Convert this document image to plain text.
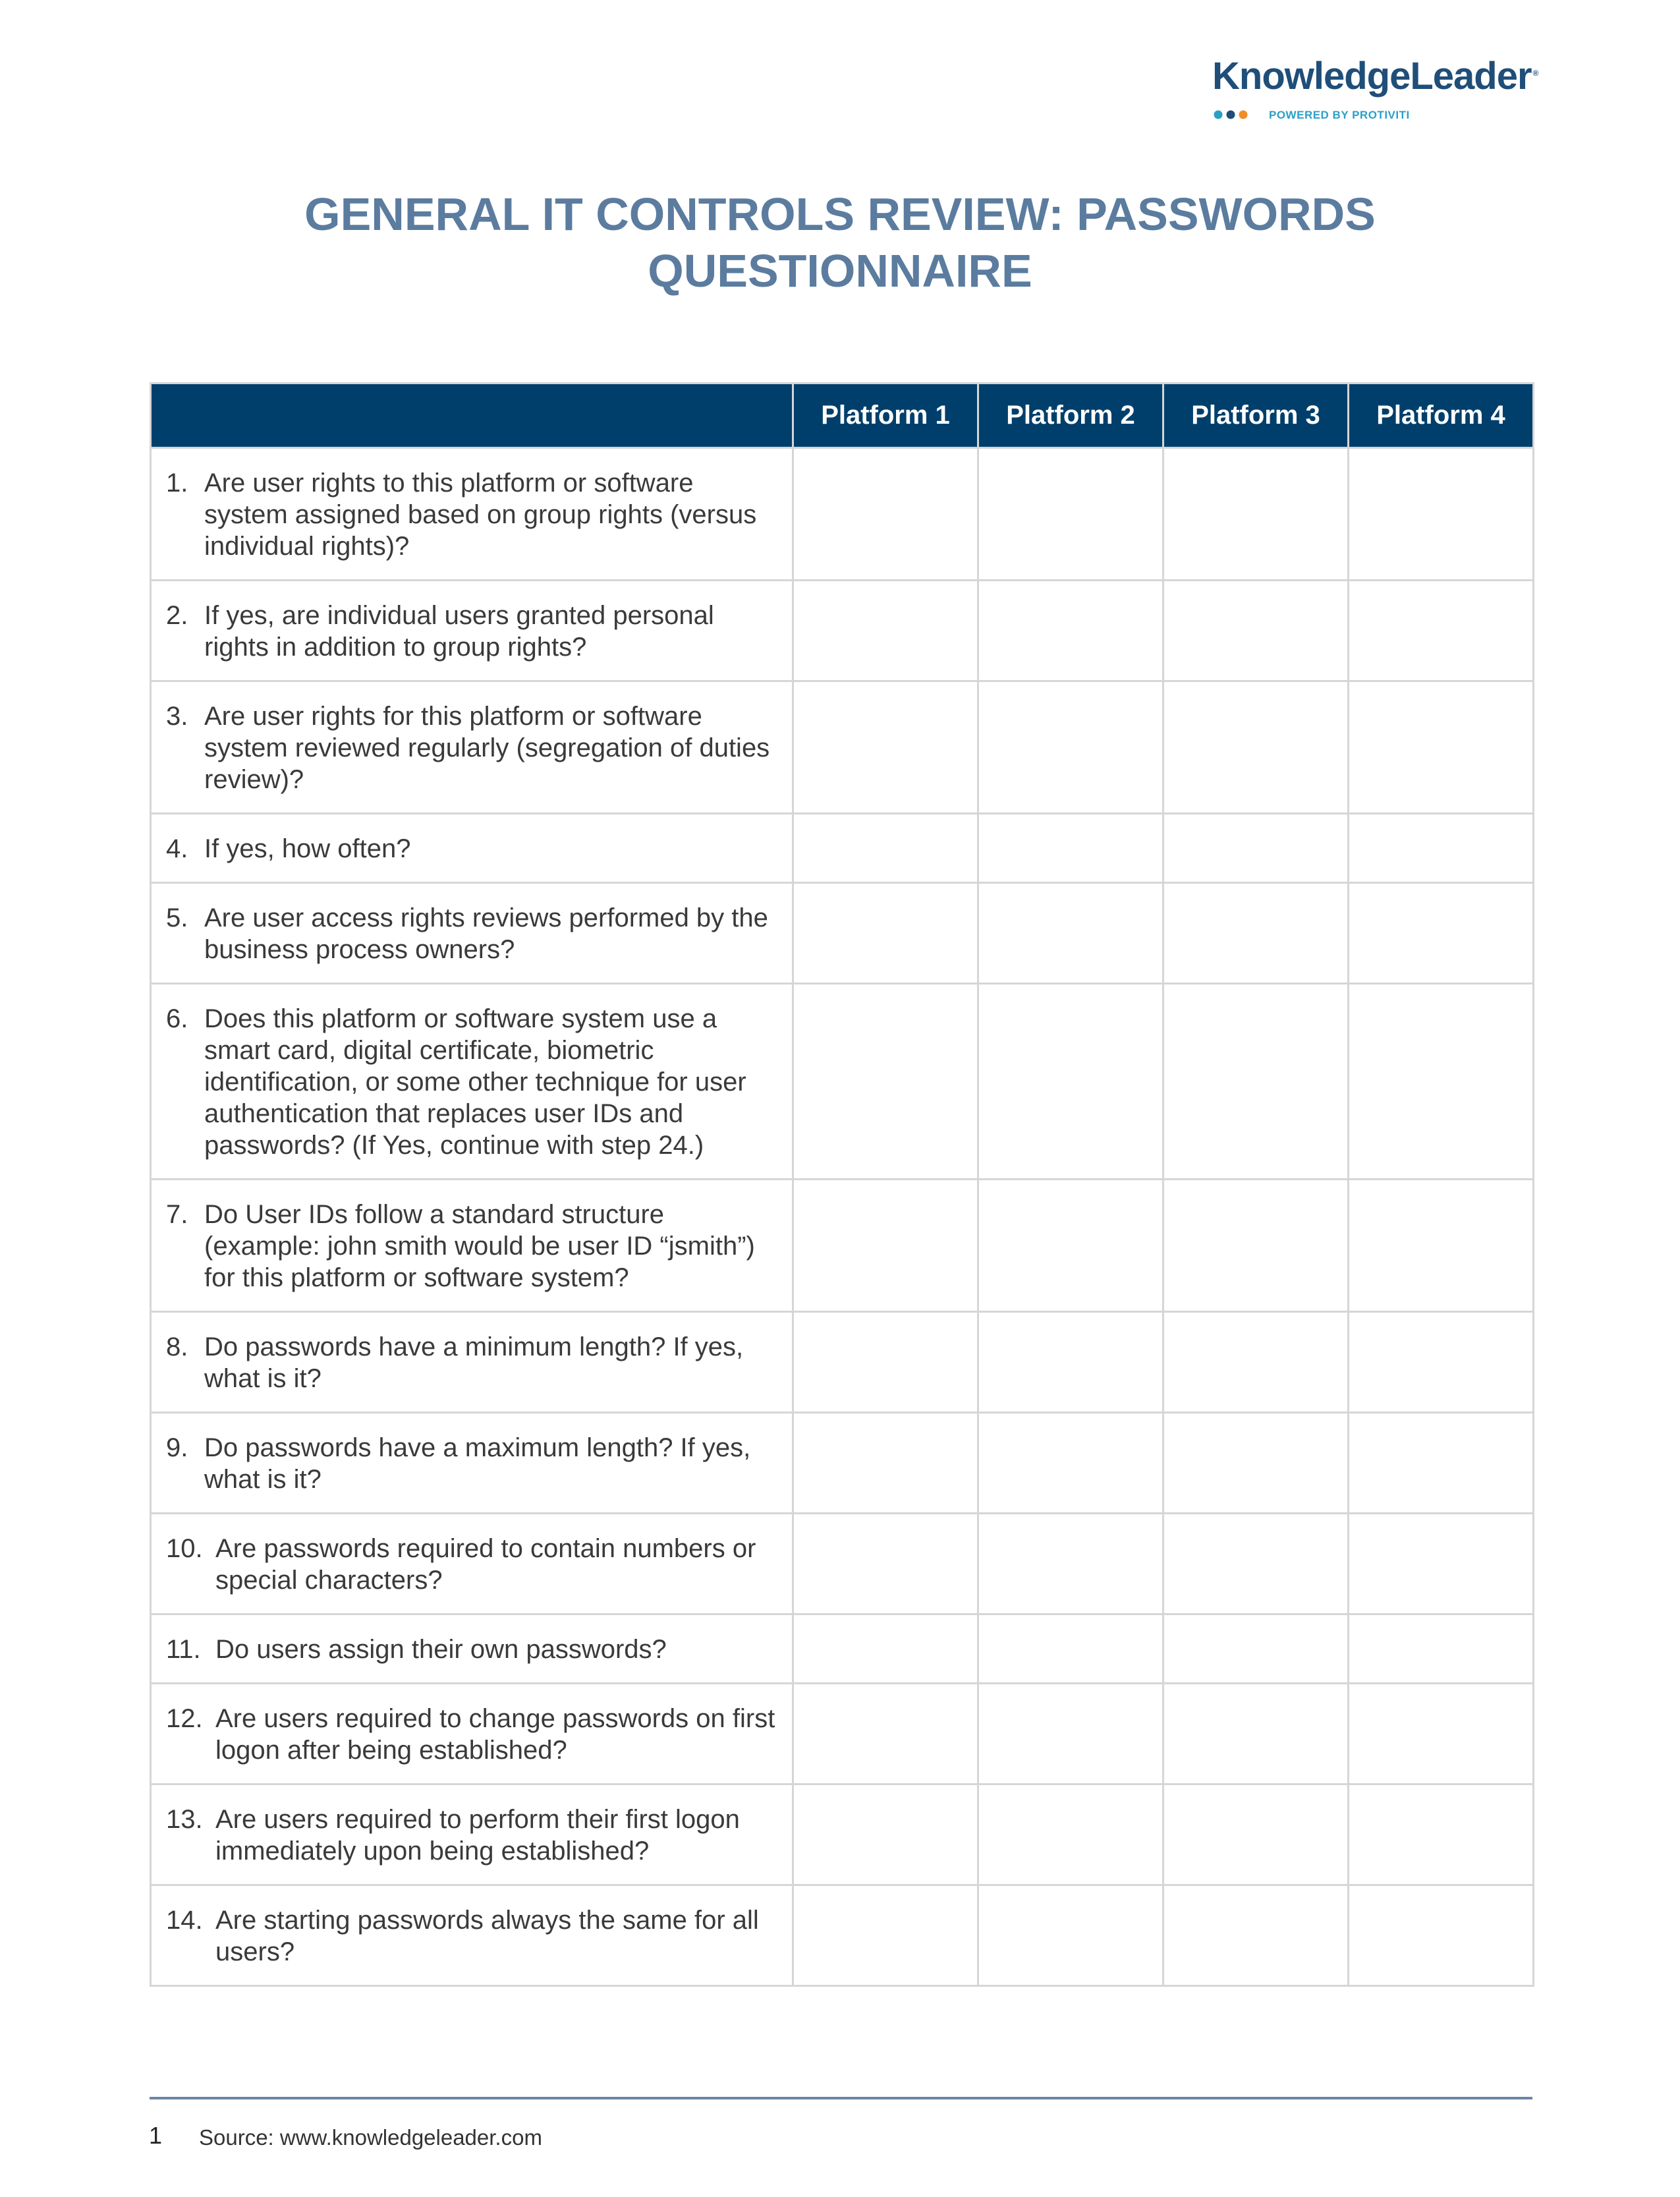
KnowledgeLeader ®
POWERED BY PROTIVITI
GENERAL IT CONTROLS REVIEW: PASSWORDS
QUESTIONNAIRE
	Platform 1	Platform 2	Platform 3	Platform 4

1. Are user rights to this platform or software system assigned based on group rights (versus individual rights)?				

2. If yes, are individual users granted personal rights in addition to group rights?				

3. Are user rights for this platform or software system reviewed regularly (segregation of duties review)?				

4. If yes, how often?				

5. Are user access rights reviews performed by the business process owners?				

6. Does this platform or software system use a smart card, digital certificate, biometric identification, or some other technique for user authentication that replaces user IDs and passwords? (If Yes, continue with step 24.)				

7. Do User IDs follow a standard structure (example: john smith would be user ID “jsmith”) for this platform or software system?				

8. Do passwords have a minimum length? If yes, what is it?				

9. Do passwords have a maximum length? If yes, what is it?				

10. Are passwords required to contain numbers or special characters?				

11. Do users assign their own passwords?				

12. Are users required to change passwords on first logon after being established?				

13. Are users required to perform their first logon immediately upon being established?				

14. Are starting passwords always the same for all users?				

1 Source: www.knowledgeleader.com
